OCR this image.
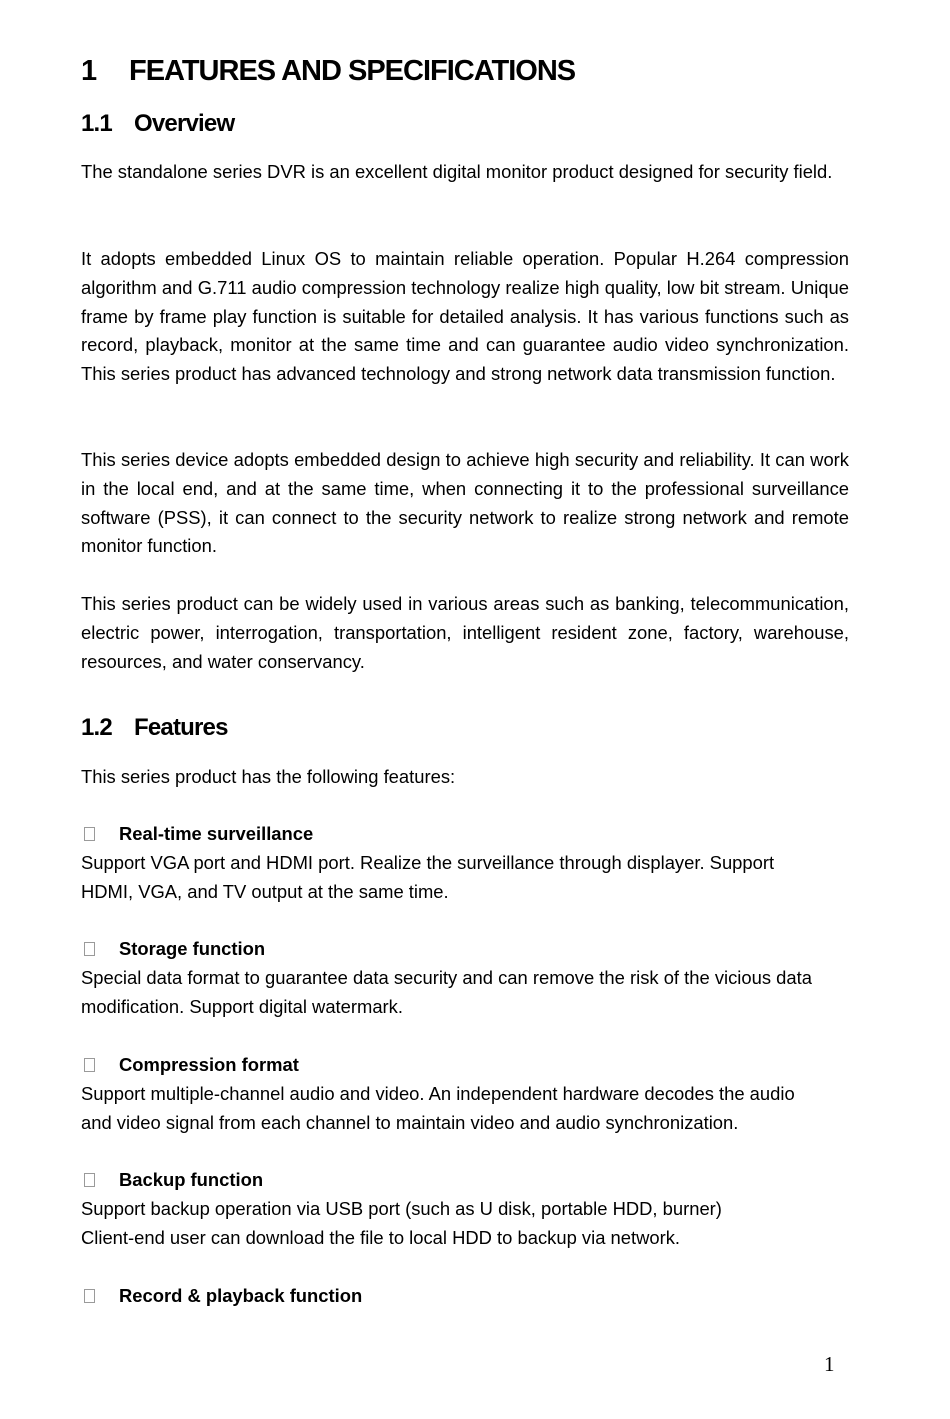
1 FEATURES AND SPECIFICATIONS
1.1 Overview

The standalone series DVR is an excellent digital monitor product designed for security field.

It adopts embedded Linux OS to maintain reliable operation. Popular H.264 compression algorithm and G.711 audio compression technology realize high quality, low bit stream. Unique frame by frame play function is suitable for detailed analysis. It has various functions such as record, playback, monitor at the same time and can guarantee audio video synchronization. This series product has advanced technology and strong network data transmission function.

This series device adopts embedded design to achieve high security and reliability. It can work in the local end, and at the same time, when connecting it to the professional surveillance software (PSS), it can connect to the security network to realize strong network and remote monitor function.

This series product can be widely used in various areas such as banking, telecommunication, electric power, interrogation, transportation, intelligent resident zone, factory, warehouse, resources, and water conservancy.

1.2 Features

This series product has the following features:

Real-time surveillance

Support VGA port and HDMI port. Realize the surveillance through displayer. Support

HDMI, VGA, and TV output at the same time.

Storage function

Special data format to guarantee data security and can remove the risk of the vicious data

modification. Support digital watermark.

Compression format

Support multiple-channel audio and video. An independent hardware decodes the audio

and video signal from each channel to maintain video and audio synchronization.

Backup function

Support backup operation via USB port (such as U disk, portable HDD, burner)

Client-end user can download the file to local HDD to backup via network.

Record & playback function
1
